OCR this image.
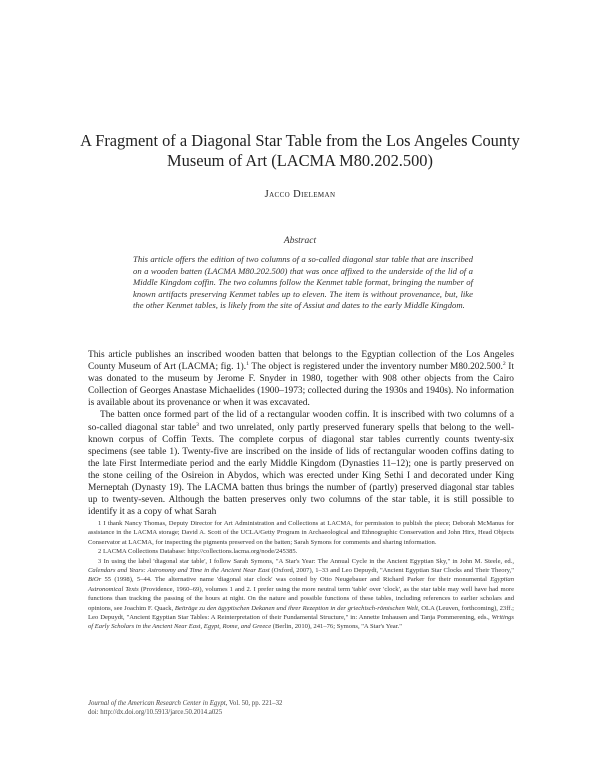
A Fragment of a Diagonal Star Table from the Los Angeles County Museum of Art (LACMA M80.202.500)
Jacco Dieleman
Abstract
This article offers the edition of two columns of a so-called diagonal star table that are inscribed on a wooden batten (LACMA M80.202.500) that was once affixed to the underside of the lid of a Middle Kingdom coffin. The two columns follow the Kenmet table format, bringing the number of known artifacts preserving Kenmet tables up to eleven. The item is without provenance, but, like the other Kenmet tables, is likely from the site of Assiut and dates to the early Middle Kingdom.

This article publishes an inscribed wooden batten that belongs to the Egyptian collection of the Los Angeles County Museum of Art (LACMA; fig. 1).$^1$ The object is registered under the inventory number M80.202.500.$^2$ It was donated to the museum by Jerome F. Snyder in 1980, together with 908 other objects from the Cairo Collection of Georges Anastase Michaelides (1900–1973; collected during the 1930s and 1940s). No information is available about its provenance or when it was excavated.

The batten once formed part of the lid of a rectangular wooden coffin. It is inscribed with two columns of a so-called diagonal star table$^3$ and two unrelated, only partly preserved funerary spells that belong to the well-known corpus of Coffin Texts. The complete corpus of diagonal star tables currently counts twenty-six specimens (see table 1). Twenty-five are inscribed on the inside of lids of rectangular wooden coffins dating to the late First Intermediate period and the early Middle Kingdom (Dynasties 11–12); one is partly preserved on the stone ceiling of the Osireion in Abydos, which was erected under King Sethi I and decorated under King Merneptah (Dynasty 19). The LACMA batten thus brings the number of (partly) preserved diagonal star tables up to twenty-seven. Although the batten preserves only two columns of the star table, it is still possible to identify it as a copy of what Sarah

1 I thank Nancy Thomas, Deputy Director for Art Administration and Collections at LACMA, for permission to publish the piece; Deborah McManus for assistance in the LACMA storage; David A. Scott of the UCLA/Getty Program in Archaeological and Ethnographic Conservation and John Hirx, Head Objects Conservator at LACMA, for inspecting the pigments preserved on the batten; Sarah Symons for comments and sharing information.

2 LACMA Collections Database: http://collections.lacma.org/node/245385.

3 In using the label 'diagonal star table', I follow Sarah Symons, "A Star's Year: The Annual Cycle in the Ancient Egyptian Sky," in John M. Steele, ed., Calendars and Years: Astronomy and Time in the Ancient Near East (Oxford, 2007), 1–33 and Leo Depuydt, "Ancient Egyptian Star Clocks and Their Theory," BiOr 55 (1998), 5–44. The alternative name 'diagonal star clock' was coined by Otto Neugebauer and Richard Parker for their monumental Egyptian Astronomical Texts (Providence, 1960–69), volumes 1 and 2. I prefer using the more neutral term 'table' over 'clock', as the star table may well have had more functions than tracking the passing of the hours at night. On the nature and possible functions of these tables, including references to earlier scholars and opinions, see Joachim F. Quack, Beiträge zu den ägyptischen Dekanen und ihrer Rezeption in der griechisch-römischen Welt, OLA (Leuven, forthcoming), 23ff.; Leo Depuydt, "Ancient Egyptian Star Tables: A Reinterpretation of their Fundamental Structure," in: Annette Imhausen and Tanja Pommerening, eds., Writings of Early Scholars in the Ancient Near East, Egypt, Rome, and Greece (Berlin, 2010), 241–76; Symons, "A Star's Year."

Journal of the American Research Center in Egypt, Vol. 50, pp. 221–32
doi: http://dx.doi.org/10.5913/jarce.50.2014.a025
